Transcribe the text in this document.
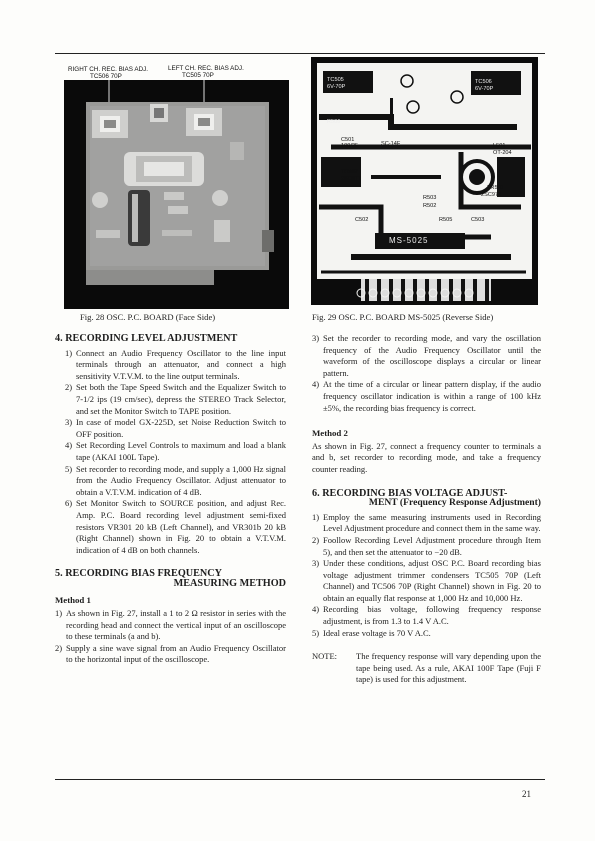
RIGHT CH. REC. BIAS ADJ.
TC506 70P
LEFT CH. REC. BIAS ADJ.
TC505 70P
TC506
6V-70P
TC505
6V-70P
C501
100/25	SC-14F
TR502
2SC971
TR501
2SC971
L501
OT-204
R503
R502
C502	R505
MS-5025
C503
R506
Fig. 28 OSC. P.C. BOARD (Face Side)	Fig. 29 OSC. P.C. BOARD MS-5025 (Reverse Side)
4. RECORDING LEVEL ADJUSTMENT
1) Connect an Audio Frequency Oscillator to the line input terminals through an attenuator, and connect a high sensitivity V.T.V.M. to the line output terminals.
2) Set both the Tape Speed Switch and the Equalizer Switch to 7-1/2 ips (19 cm/sec), depress the STEREO Track Selector, and set the Monitor Switch to TAPE position.
3) In case of model GX-225D, set Noise Reduction Switch to OFF position.
4) Set Recording Level Controls to maximum and load a blank tape (AKAI 100L Tape).
5) Set recorder to recording mode, and supply a 1,000 Hz signal from the Audio Frequency Oscillator. Adjust attenuator to obtain a V.T.V.M. indication of 4 dB.
6) Set Monitor Switch to SOURCE position, and adjust Rec. Amp. P.C. Board recording level adjustment semi-fixed resistors VR301 20 kB (Left Channel), and VR301b 20 kB (Right Channel) shown in Fig. 20 to obtain a V.T.V.M. indication of 4 dB on both channels.
5. RECORDING BIAS FREQUENCY
MEASURING METHOD
Method 1
1) As shown in Fig. 27, install a 1 to 2 Ω resistor in series with the recording head and connect the vertical input of an oscilloscope to these terminals (a and b).
2) Supply a sine wave signal from an Audio Frequency Oscillator to the horizontal input of the oscilloscope.
3) Set the recorder to recording mode, and vary the oscillation frequency of the Audio Frequency Oscillator until the waveform of the oscilloscope displays a circular or linear pattern.
4) At the time of a circular or linear pattern display, if the audio frequency oscillator indication is within a range of 100 kHz ±5%, the recording bias frequency is correct.
Method 2

As shown in Fig. 27, connect a frequency counter to terminals a and b, set recorder to recording mode, and take a frequency counter reading.

6. RECORDING BIAS VOLTAGE ADJUST-
MENT (Frequency Response Adjustment)
1) Employ the same measuring instruments used in Recording Level Adjustment procedure and connect them in the same way.
2) Foollow Recording Level Adjustment procedure through Item 5), and then set the attenuator to −20 dB.
3) Under these conditions, adjust OSC P.C. Board recording bias voltage adjustment trimmer condensers TC505 70P (Left Channel) and TC506 70P (Right Channel) shown in Fig. 20 to obtain an equally flat response at 1,000 Hz and 10,000 Hz.
4) Recording bias voltage, following frequency response adjustment, is from 1.3 to 1.4 V A.C.
5) Ideal erase voltage is 70 V A.C.
NOTE:	The frequency response will vary depending upon the tape being used. As a rule, AKAI 100F Tape (Fuji F tape) is used for this adjustment.
21
